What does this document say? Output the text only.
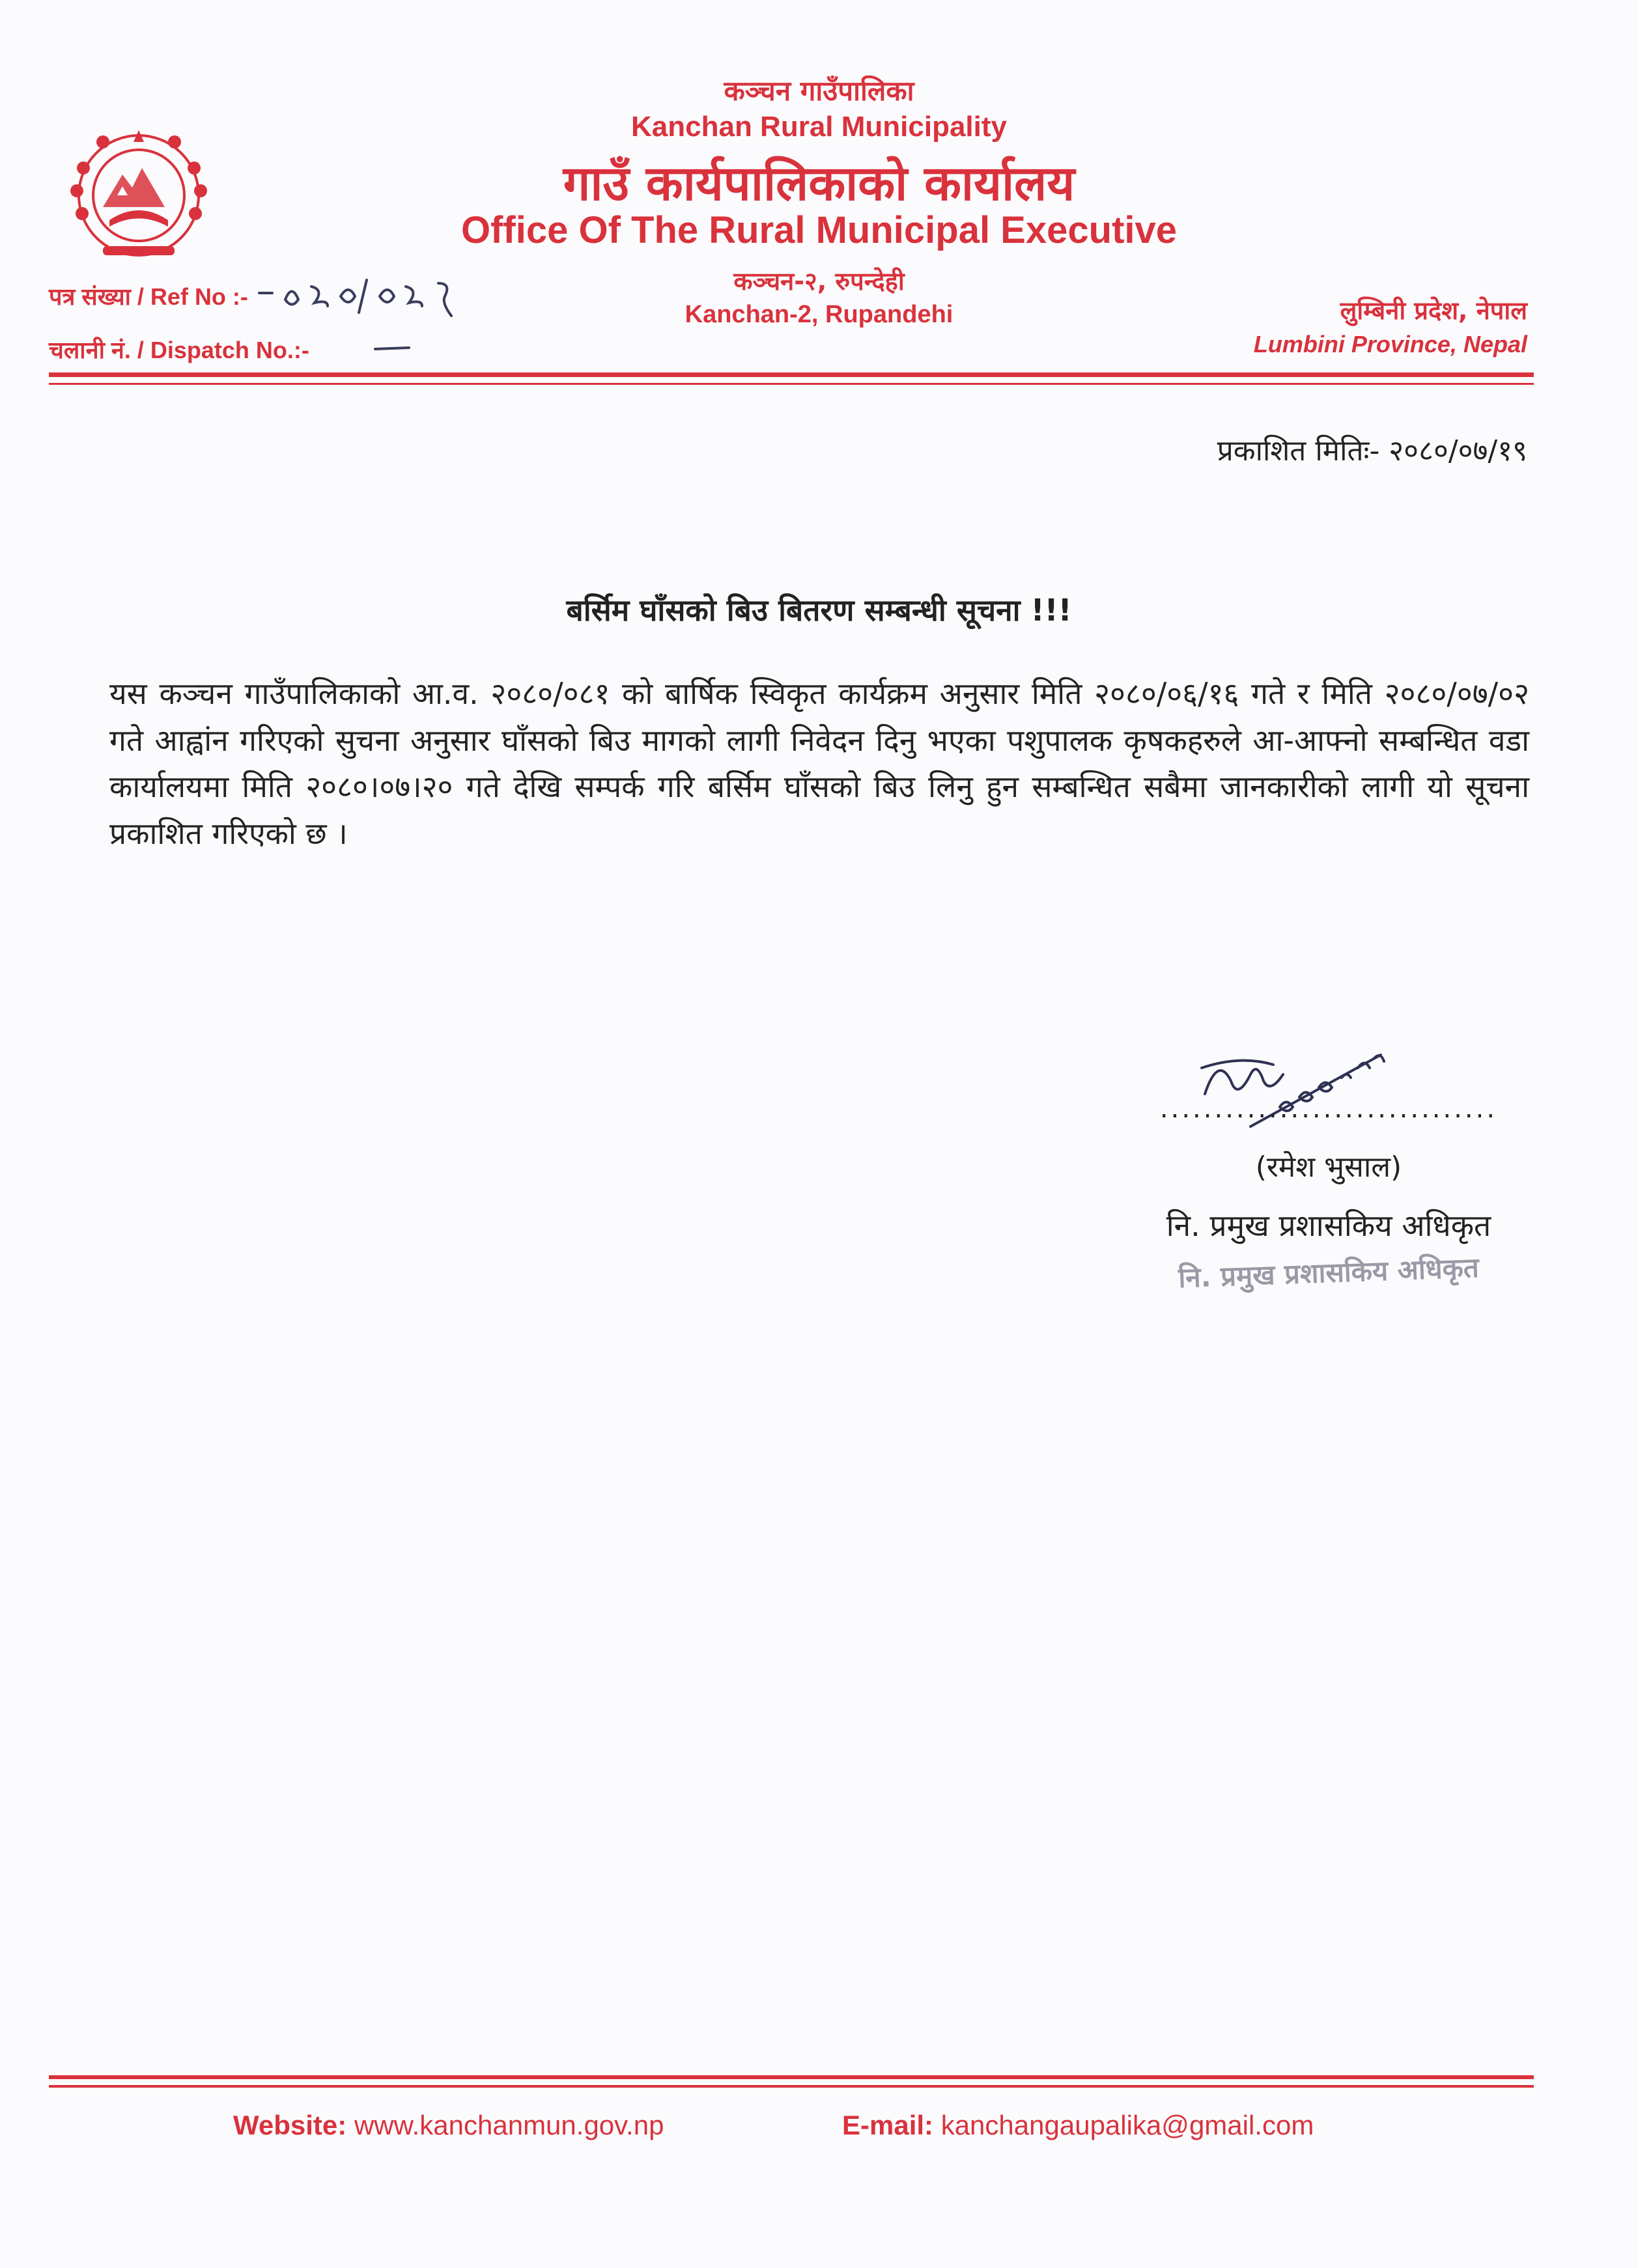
कञ्चन गाउँपालिका
Kanchan Rural Municipality
गाउँ कार्यपालिकाको कार्यालय
Office Of The Rural Municipal Executive
कञ्चन-२, रुपन्देही
Kanchan-2, Rupandehi
पत्र संख्या / Ref No :-
चलानी नं. / Dispatch No.:-
लुम्बिनी प्रदेश, नेपाल
Lumbini Province, Nepal
प्रकाशित मितिः- २०८०/०७/१९
बर्सिम घाँसको बिउ बितरण सम्बन्धी सूचना !!!
यस कञ्चन गाउँपालिकाको आ.व. २०८०/०८१ को बार्षिक स्विकृत कार्यक्रम अनुसार मिति २०८०/०६/१६ गते र मिति २०८०/०७/०२ गते आह्वांन गरिएको सुचना अनुसार घाँसको बिउ मागको लागी निवेदन दिनु भएका पशुपालक कृषकहरुले आ-आफ्नो सम्बन्धित वडा कार्यालयमा मिति २०८०।०७।२० गते देखि सम्पर्क गरि बर्सिम घाँसको बिउ लिनु हुन सम्बन्धित सबैमा जानकारीको लागी यो सूचना प्रकाशित गरिएको छ ।
...............................
(रमेश भुसाल)
नि. प्रमुख प्रशासकिय अधिकृत
नि. प्रमुख प्रशासकिय अधिकृत
Website: www.kanchanmun.gov.np	E-mail: kanchangaupalika@gmail.com
